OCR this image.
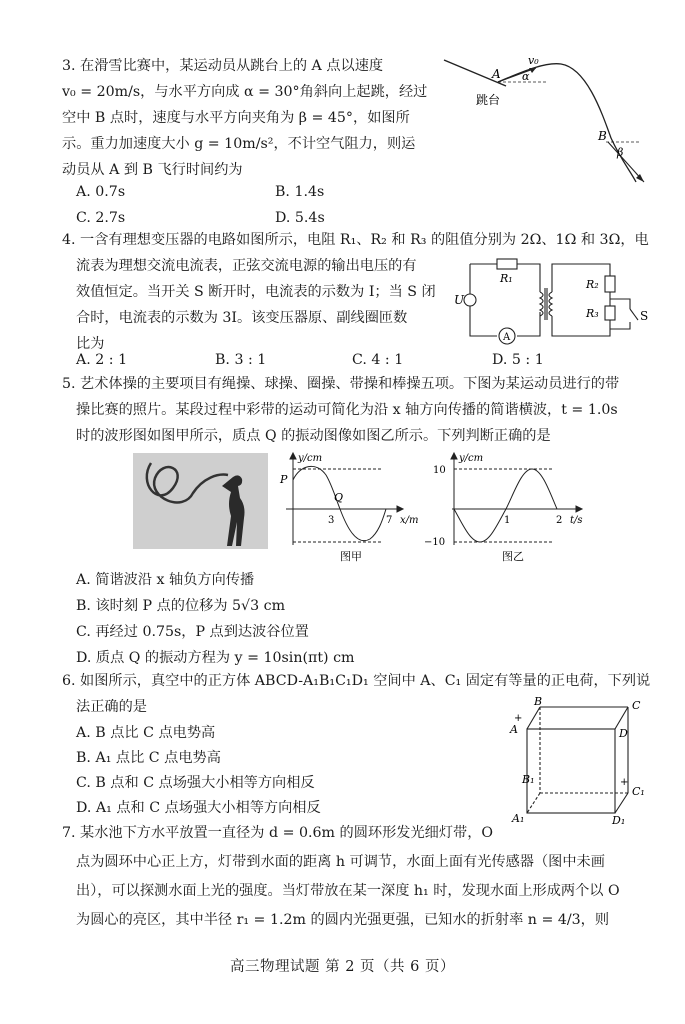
3. 在滑雪比赛中，某运动员从跳台上的 A 点以速度
v₀ = 20m/s，与水平方向成 α = 30°角斜向上起跳，经过
空中 B 点时，速度与水平方向夹角为 β = 45°，如图所
示。重力加速度大小 g = 10m/s²，不计空气阻力，则运
动员从 A 到 B 飞行时间约为
A. 0.7s	B. 1.4s
C. 2.7s	D. 5.4s
v₀
A α
跳台
B
β
4. 一含有理想变压器的电路如图所示，电阻 R₁、R₂ 和 R₃ 的阻值分别为 2Ω、1Ω 和 3Ω，电
流表为理想交流电流表，正弦交流电源的输出电压的有
效值恒定。当开关 S 断开时，电流表的示数为 I；当 S 闭
合时，电流表的示数为 3I。该变压器原、副线圈匝数
比为
A. 2 : 1	B. 3 : 1	C. 4 : 1	D. 5 : 1
R₁	R₂
R₃
U
S
A
5. 艺术体操的主要项目有绳操、球操、圈操、带操和棒操五项。下图为某运动员进行的带
操比赛的照片。某段过程中彩带的运动可简化为沿 x 轴方向传播的简谐横波，t = 1.0s
时的波形图如图甲所示，质点 Q 的振动图像如图乙所示。下列判断正确的是
y/cm
x/m
P
Q
3	7
图甲
y/cm
t/s
10
−10
1	2
图乙
A. 简谐波沿 x 轴负方向传播
B. 该时刻 P 点的位移为 5√3 cm
C. 再经过 0.75s，P 点到达波谷位置
D. 质点 Q 的振动方程为 y = 10sin(πt) cm
6. 如图所示，真空中的正方体 ABCD-A₁B₁C₁D₁ 空间中 A、C₁ 固定有等量的正电荷，下列说
法正确的是
A. B 点比 C 点电势高
B. A₁ 点比 C 点电势高
C. B 点和 C 点场强大小相等方向相反
D. A₁ 点和 C 点场强大小相等方向相反
B	C
A
+
D
B₁
C₁
+
A₁	D₁
7. 某水池下方水平放置一直径为 d = 0.6m 的圆环形发光细灯带，O
点为圆环中心正上方，灯带到水面的距离 h 可调节，水面上面有光传感器（图中未画
出），可以探测水面上光的强度。当灯带放在某一深度 h₁ 时，发现水面上形成两个以 O
为圆心的亮区，其中半径 r₁ = 1.2m 的圆内光强更强，已知水的折射率 n = 4/3，则
高三物理试题 第 2 页（共 6 页）
